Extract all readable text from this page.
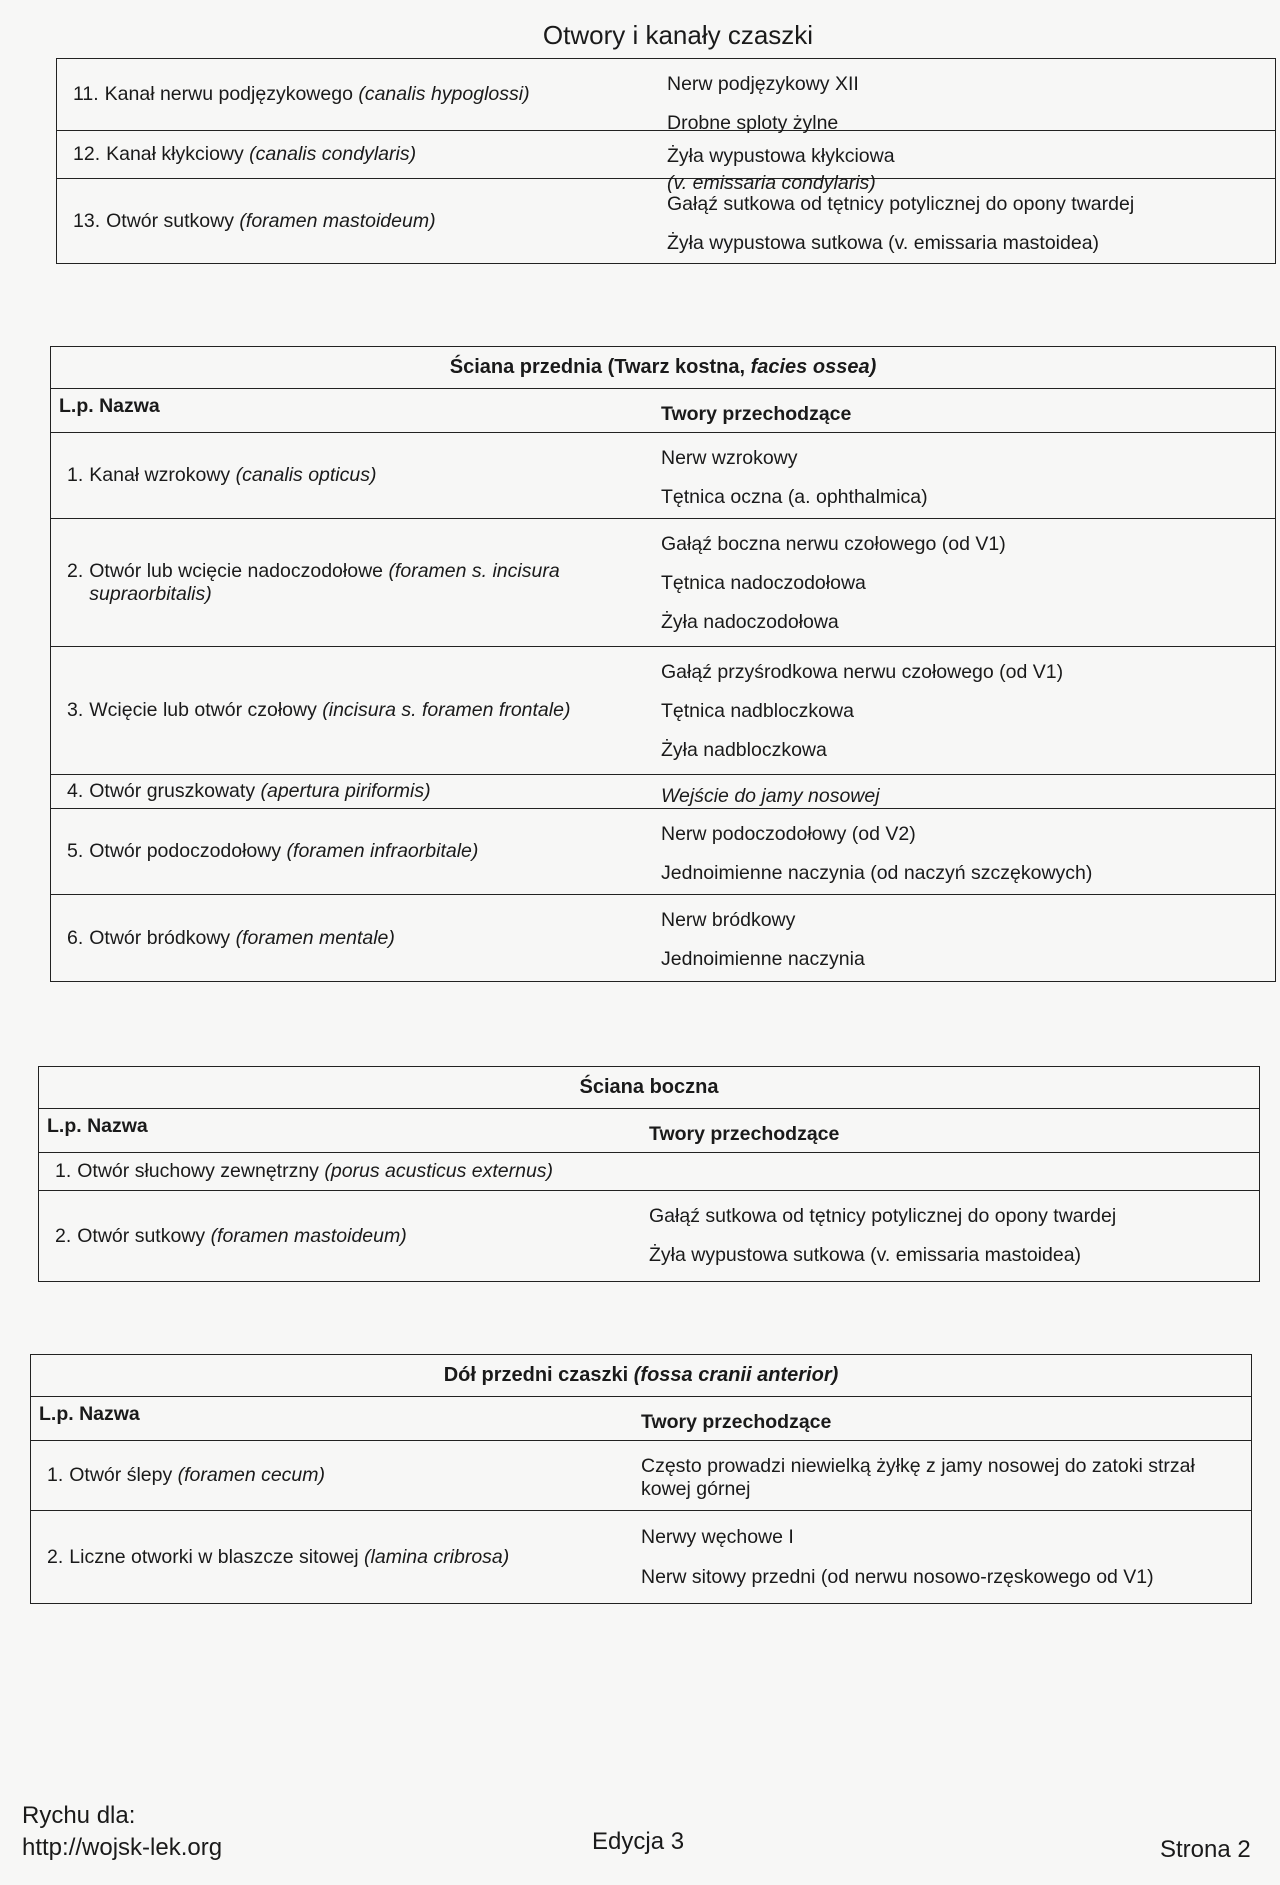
Otwory i kanały czaszki
11. Kanał nerwu podjęzykowego (canalis hypoglossi)	Nerw podjęzykowy XII
Drobne sploty żylne
12. Kanał kłykciowy (canalis condylaris)	Żyła wypustowa kłykciowa
(v. emissaria condylaris)
13. Otwór sutkowy (foramen mastoideum)
Gałąź sutkowa od tętnicy potylicznej do opony twardej
Żyła wypustowa sutkowa (v. emissaria mastoidea)
Ściana przednia (Twarz kostna, facies ossea)
L.p. Nazwa	Twory przechodzące
1. Kanał wzrokowy (canalis opticus)
Nerw wzrokowy
Tętnica oczna (a. ophthalmica)
2. Otwór lub wcięcie nadoczodołowe (foramen s. incisura supraorbitalis)
Gałąź boczna nerwu czołowego (od V1)
Tętnica nadoczodołowa
Żyła nadoczodołowa
3. Wcięcie lub otwór czołowy (incisura s. foramen frontale)
Gałąź przyśrodkowa nerwu czołowego (od V1)
Tętnica nadbloczkowa
Żyła nadbloczkowa
4. Otwór gruszkowaty (apertura piriformis)	Wejście do jamy nosowej
5. Otwór podoczodołowy (foramen infraorbitale)
Nerw podoczodołowy (od V2)
Jednoimienne naczynia (od naczyń szczękowych)
6. Otwór bródkowy (foramen mentale)
Nerw bródkowy
Jednoimienne naczynia
Ściana boczna
L.p. Nazwa	Twory przechodzące
1. Otwór słuchowy zewnętrzny (porus acusticus externus)
2. Otwór sutkowy (foramen mastoideum)
Gałąź sutkowa od tętnicy potylicznej do opony twardej
Żyła wypustowa sutkowa (v. emissaria mastoidea)
Dół przedni czaszki (fossa cranii anterior)
L.p. Nazwa	Twory przechodzące
1. Otwór ślepy (foramen cecum)	Często prowadzi niewielką żyłkę z jamy nosowej do zatoki strzał kowej górnej
2. Liczne otworki w blaszcze sitowej (lamina cribrosa)
Nerwy węchowe I
Nerw sitowy przedni (od nerwu nosowo-rzęskowego od V1)
Rychu dla:
http://wojsk-lek.org	Edycja 3	Strona 2
